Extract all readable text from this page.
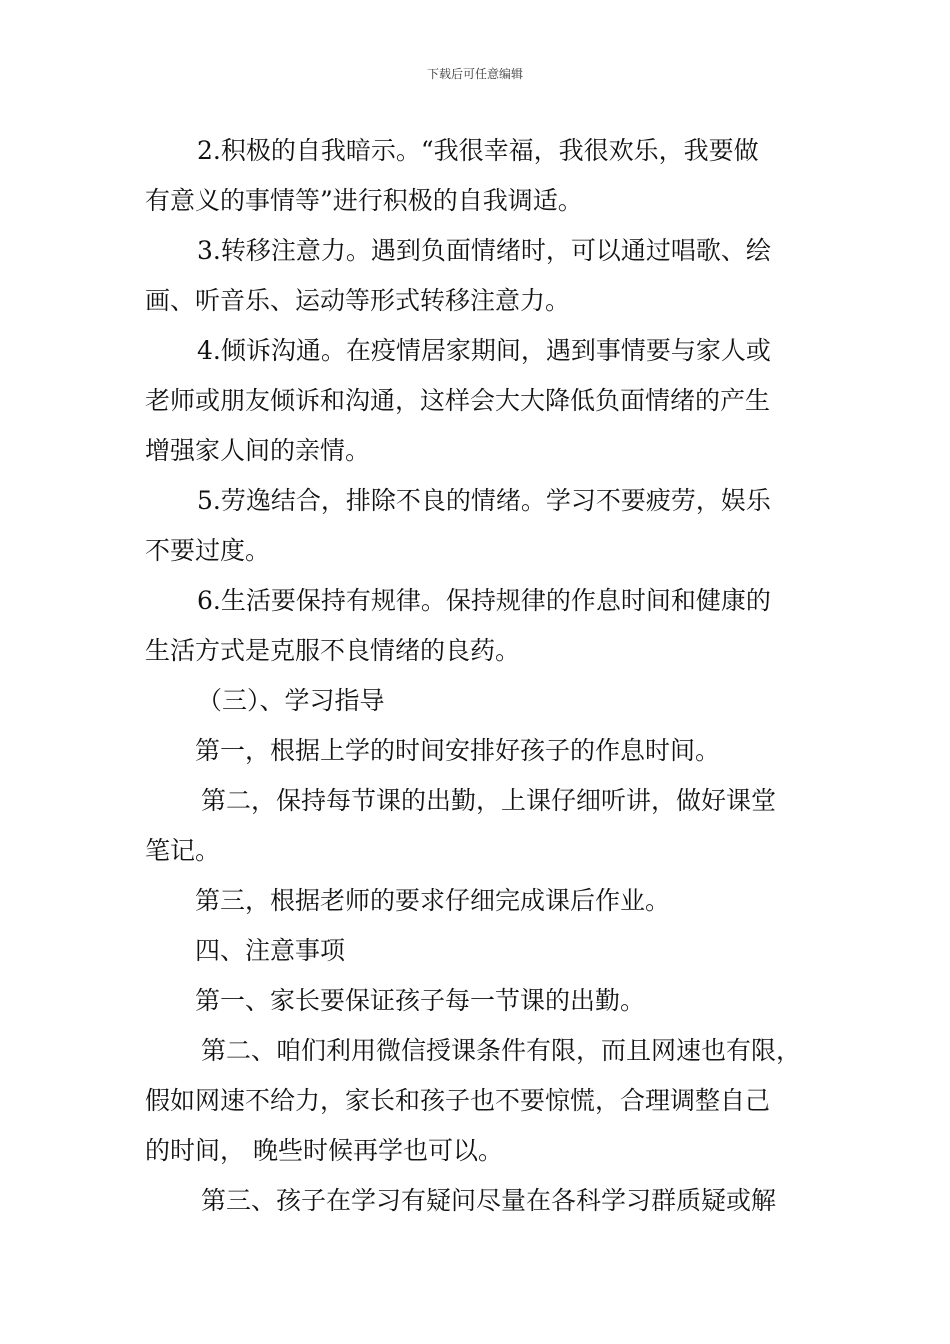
下载后可任意编辑
2.积极的自我暗示。“我很幸福，我很欢乐，我要做
有意义的事情等”进行积极的自我调适。
3.转移注意力。遇到负面情绪时，可以通过唱歌、绘
画、听音乐、运动等形式转移注意力。
4.倾诉沟通。在疫情居家期间，遇到事情要与家人或
老师或朋友倾诉和沟通，这样会大大降低负面情绪的产生
增强家人间的亲情。
5.劳逸结合，排除不良的情绪。学习不要疲劳，娱乐
不要过度。
6.生活要保持有规律。保持规律的作息时间和健康的
生活方式是克服不良情绪的良药。
（三）、学习指导
第一，根据上学的时间安排好孩子的作息时间。
第二，保持每节课的出勤，上课仔细听讲，做好课堂
笔记。
第三，根据老师的要求仔细完成课后作业。
四、注意事项
第一、家长要保证孩子每一节课的出勤。
第二、咱们利用微信授课条件有限，而且网速也有限，
假如网速不给力，家长和孩子也不要惊慌，合理调整自己
的时间， 晚些时候再学也可以。
第三、孩子在学习有疑问尽量在各科学习群质疑或解
